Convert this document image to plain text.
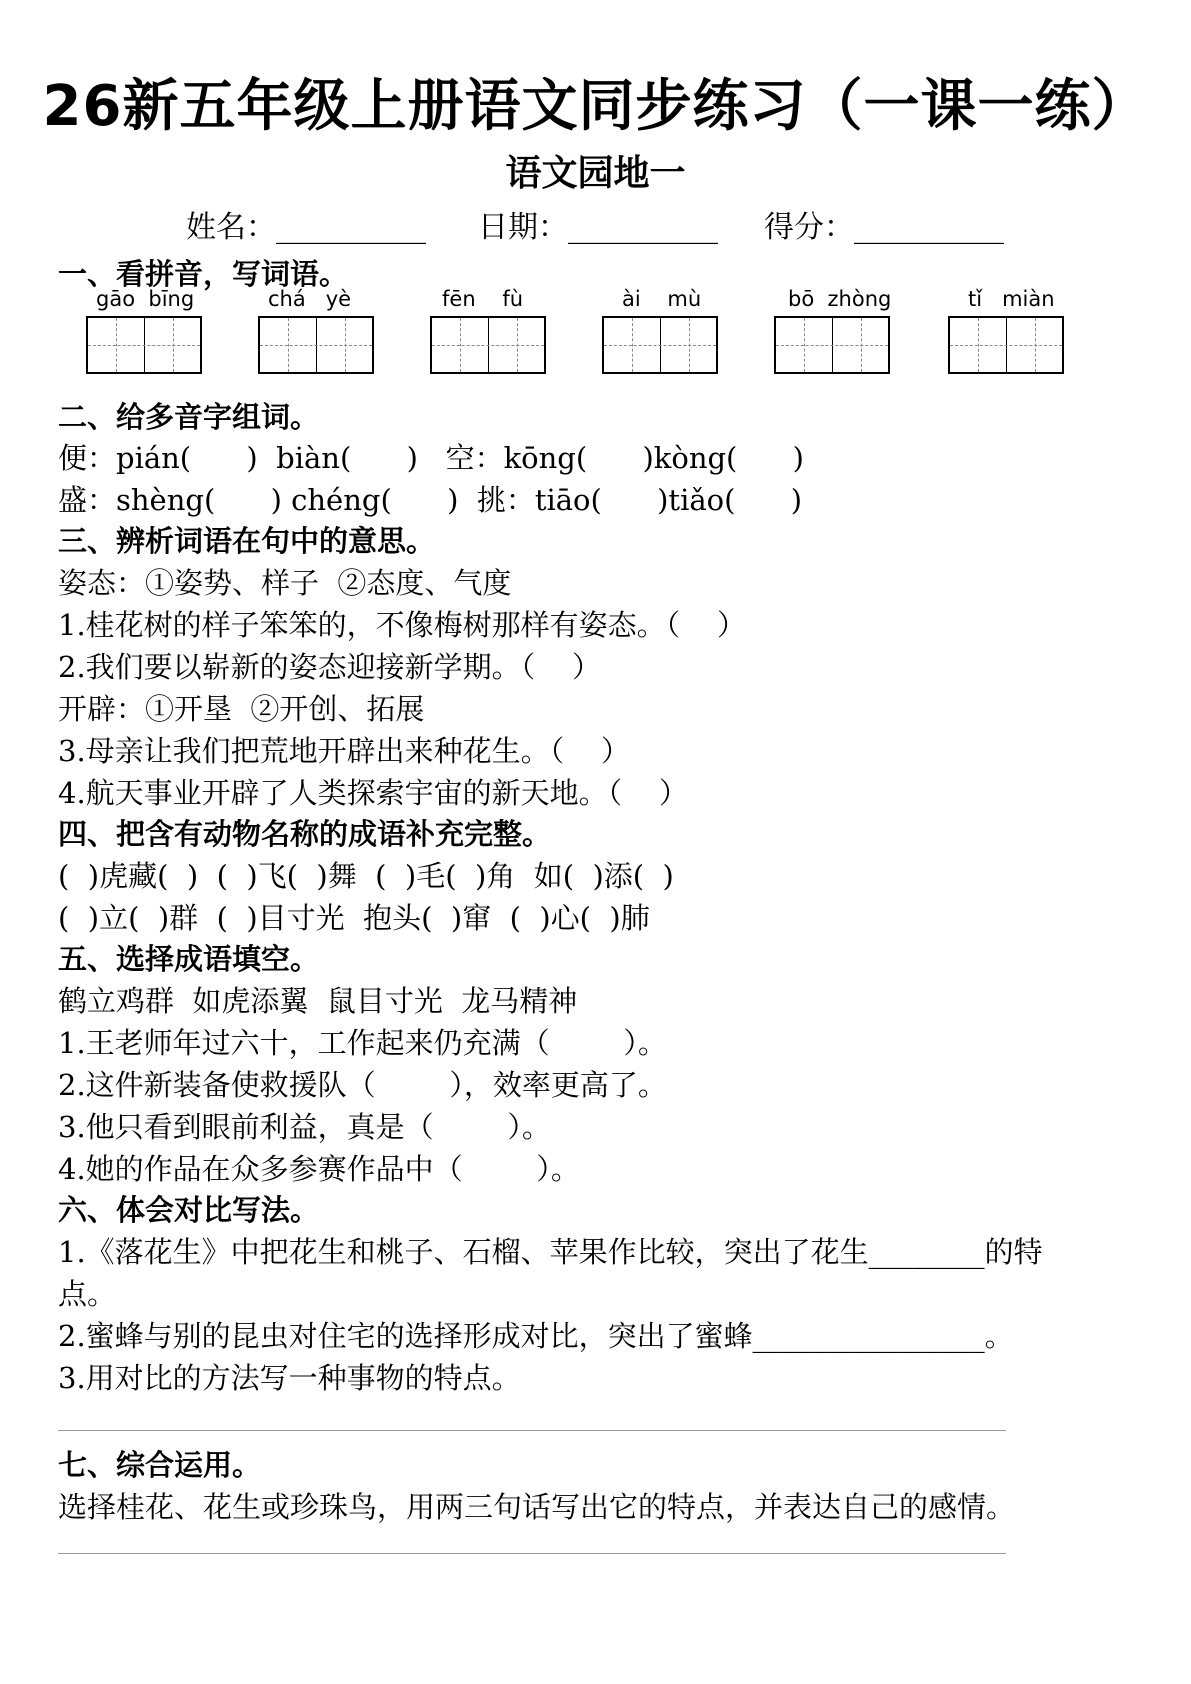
26新五年级上册语文同步练习（一课一练）
语文园地一
姓名：__________ 日期：__________ 得分：__________
一、看拼音，写词语。
gāo  bīng	chá   yè	fēn    fù	ài    mù	bō  zhòng	tǐ   miàn
二、给多音字组词。
便：pián(      )  biàn(      )   空：kōng(      )kòng(      )
盛：shèng(      ) chéng(      )  挑：tiāo(      )tiǎo(      )
三、辨析词语在句中的意思。
姿态：①姿势、样子  ②态度、气度
1.桂花树的样子笨笨的，不像梅树那样有姿态。（    ）
2.我们要以崭新的姿态迎接新学期。（    ）
开辟：①开垦  ②开创、拓展
3.母亲让我们把荒地开辟出来种花生。（    ）
4.航天事业开辟了人类探索宇宙的新天地。（    ）
四、把含有动物名称的成语补充完整。
(  )虎藏(  )  (  )飞(  )舞  (  )毛(  )角  如(  )添(  )
(  )立(  )群  (  )目寸光  抱头(  )窜  (  )心(  )肺
五、选择成语填空。
鹤立鸡群  如虎添翼  鼠目寸光  龙马精神
1.王老师年过六十，工作起来仍充满（        ）。
2.这件新装备使救援队（        ），效率更高了。
3.他只看到眼前利益，真是（        ）。
4.她的作品在众多参赛作品中（        ）。
六、体会对比写法。
1.《落花生》中把花生和桃子、石榴、苹果作比较，突出了花生________的特
点。
2.蜜蜂与别的昆虫对住宅的选择形成对比，突出了蜜蜂________________。
3.用对比的方法写一种事物的特点。
七、综合运用。
选择桂花、花生或珍珠鸟，用两三句话写出它的特点，并表达自己的感情。
